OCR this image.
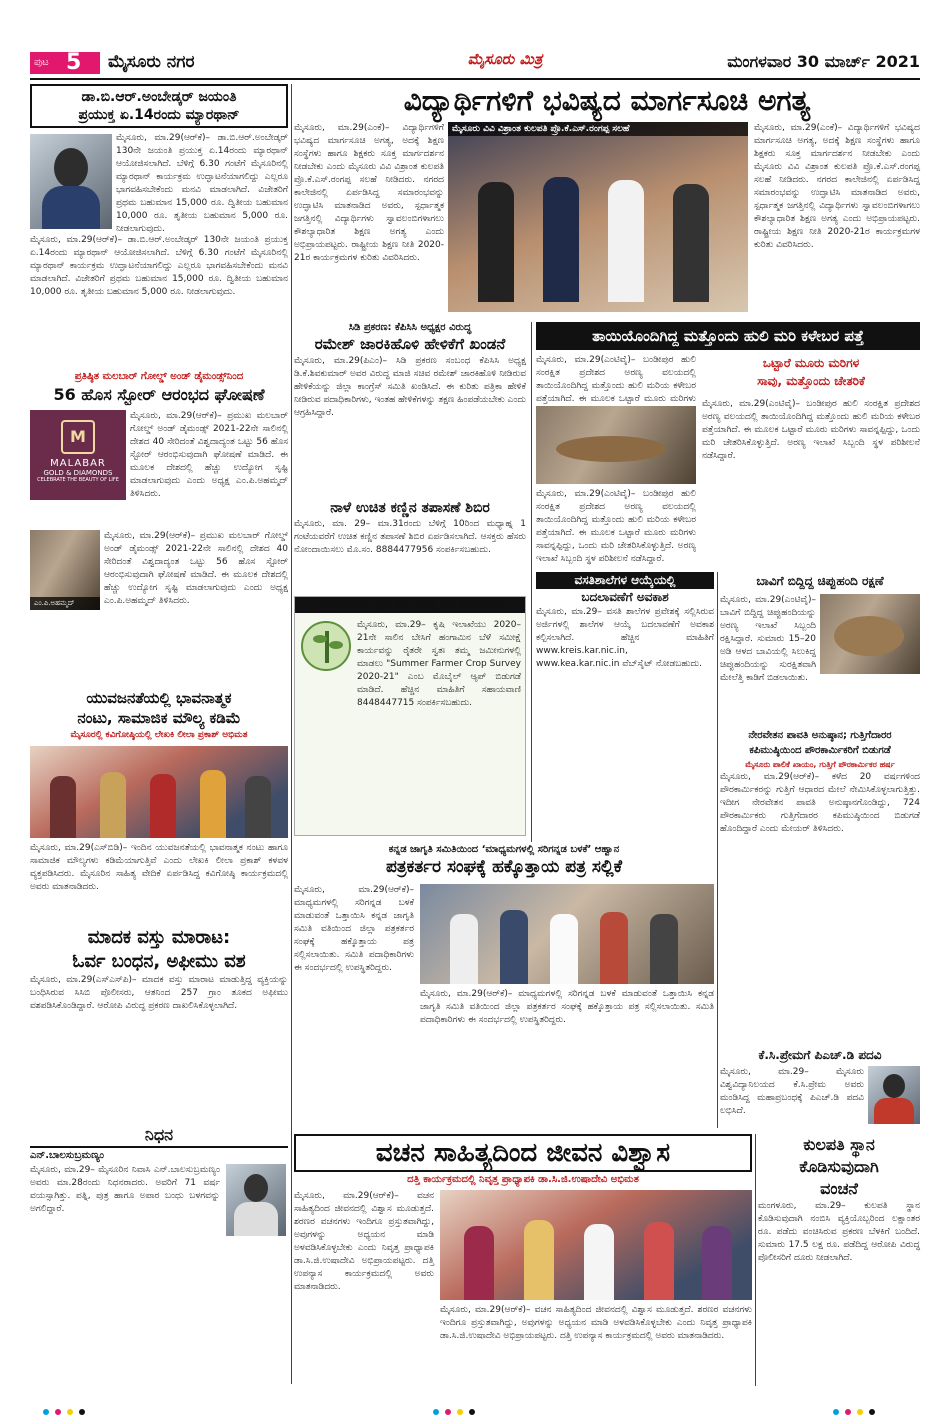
ಪುಟ 5 ಮೈಸೂರು ನಗರ	ಮೈಸೂರು ಮಿತ್ರ	ಮಂಗಳವಾರ 30 ಮಾರ್ಚ್ 2021
ಡಾ.ಬಿ.ಆರ್.ಅಂಬೇಡ್ಕರ್ ಜಯಂತಿ
ಪ್ರಯುಕ್ತ ಏ.14ರಂದು ಮ್ಯಾರಥಾನ್
ಮೈಸೂರು, ಮಾ.29(ಆರ್‌ಕೆ)– ಡಾ.ಬಿ.ಆರ್.ಅಂಬೇಡ್ಕರ್ 130ನೇ ಜಯಂತಿ ಪ್ರಯುಕ್ತ ಏ.14ರಂದು ಮ್ಯಾರಥಾನ್ ಆಯೋಜಿಸಲಾಗಿದೆ. ಬೆಳಿಗ್ಗೆ 6.30 ಗಂಟೆಗೆ ಮೈಸೂರಿನಲ್ಲಿ ಮ್ಯಾರಥಾನ್ ಕಾರ್ಯಕ್ರಮ ಉದ್ಘಾಟನೆಯಾಗಲಿದ್ದು ಎಲ್ಲರೂ ಭಾಗವಹಿಸಬೇಕೆಂದು ಮನವಿ ಮಾಡಲಾಗಿದೆ. ವಿಜೇತರಿಗೆ ಪ್ರಥಮ ಬಹುಮಾನ 15,000 ರೂ. ದ್ವಿತೀಯ ಬಹುಮಾನ 10,000 ರೂ. ತೃತೀಯ ಬಹುಮಾನ 5,000 ರೂ. ನೀಡಲಾಗುವುದು.
ಮೈಸೂರು, ಮಾ.29(ಆರ್‌ಕೆ)– ಡಾ.ಬಿ.ಆರ್.ಅಂಬೇಡ್ಕರ್ 130ನೇ ಜಯಂತಿ ಪ್ರಯುಕ್ತ ಏ.14ರಂದು ಮ್ಯಾರಥಾನ್ ಆಯೋಜಿಸಲಾಗಿದೆ. ಬೆಳಿಗ್ಗೆ 6.30 ಗಂಟೆಗೆ ಮೈಸೂರಿನಲ್ಲಿ ಮ್ಯಾರಥಾನ್ ಕಾರ್ಯಕ್ರಮ ಉದ್ಘಾಟನೆಯಾಗಲಿದ್ದು ಎಲ್ಲರೂ ಭಾಗವಹಿಸಬೇಕೆಂದು ಮನವಿ ಮಾಡಲಾಗಿದೆ. ವಿಜೇತರಿಗೆ ಪ್ರಥಮ ಬಹುಮಾನ 15,000 ರೂ. ದ್ವಿತೀಯ ಬಹುಮಾನ 10,000 ರೂ. ತೃತೀಯ ಬಹುಮಾನ 5,000 ರೂ. ನೀಡಲಾಗುವುದು.
ವಿದ್ಯಾರ್ಥಿಗಳಿಗೆ ಭವಿಷ್ಯದ ಮಾರ್ಗಸೂಚಿ ಅಗತ್ಯ
ಮೈಸೂರು, ಮಾ.29(ಎಂಕೆ)– ವಿದ್ಯಾರ್ಥಿಗಳಿಗೆ ಭವಿಷ್ಯದ ಮಾರ್ಗಸೂಚಿ ಅಗತ್ಯ, ಅದಕ್ಕೆ ಶಿಕ್ಷಣ ಸಂಸ್ಥೆಗಳು ಹಾಗೂ ಶಿಕ್ಷಕರು ಸೂಕ್ತ ಮಾರ್ಗದರ್ಶನ ನೀಡಬೇಕು ಎಂದು ಮೈಸೂರು ವಿವಿ ವಿಶ್ರಾಂತ ಕುಲಪತಿ ಪ್ರೊ.ಕೆ.ಎಸ್.ರಂಗಪ್ಪ ಸಲಹೆ ನೀಡಿದರು. ನಗರದ ಕಾಲೇಜಿನಲ್ಲಿ ಏರ್ಪಡಿಸಿದ್ದ ಸಮಾರಂಭವನ್ನು ಉದ್ಘಾಟಿಸಿ ಮಾತನಾಡಿದ ಅವರು, ಸ್ಪರ್ಧಾತ್ಮಕ ಜಗತ್ತಿನಲ್ಲಿ ವಿದ್ಯಾರ್ಥಿಗಳು ಸ್ವಾವಲಂಬಿಗಳಾಗಲು ಕೌಶಲ್ಯಾಧಾರಿತ ಶಿಕ್ಷಣ ಅಗತ್ಯ ಎಂದು ಅಭಿಪ್ರಾಯಪಟ್ಟರು. ರಾಷ್ಟ್ರೀಯ ಶಿಕ್ಷಣ ನೀತಿ 2020-21ರ ಕಾರ್ಯಕ್ರಮಗಳ ಕುರಿತು ವಿವರಿಸಿದರು.
ಮೈಸೂರು ವಿವಿ ವಿಶ್ರಾಂತ ಕುಲಪತಿ ಪ್ರೊ.ಕೆ.ಎಸ್.ರಂಗಪ್ಪ ಸಲಹೆ	ಮೈಸೂರು, ಮಾ.29(ಎಂಕೆ)– ವಿದ್ಯಾರ್ಥಿಗಳಿಗೆ ಭವಿಷ್ಯದ ಮಾರ್ಗಸೂಚಿ ಅಗತ್ಯ, ಅದಕ್ಕೆ ಶಿಕ್ಷಣ ಸಂಸ್ಥೆಗಳು ಹಾಗೂ ಶಿಕ್ಷಕರು ಸೂಕ್ತ ಮಾರ್ಗದರ್ಶನ ನೀಡಬೇಕು ಎಂದು ಮೈಸೂರು ವಿವಿ ವಿಶ್ರಾಂತ ಕುಲಪತಿ ಪ್ರೊ.ಕೆ.ಎಸ್.ರಂಗಪ್ಪ ಸಲಹೆ ನೀಡಿದರು. ನಗರದ ಕಾಲೇಜಿನಲ್ಲಿ ಏರ್ಪಡಿಸಿದ್ದ ಸಮಾರಂಭವನ್ನು ಉದ್ಘಾಟಿಸಿ ಮಾತನಾಡಿದ ಅವರು, ಸ್ಪರ್ಧಾತ್ಮಕ ಜಗತ್ತಿನಲ್ಲಿ ವಿದ್ಯಾರ್ಥಿಗಳು ಸ್ವಾವಲಂಬಿಗಳಾಗಲು ಕೌಶಲ್ಯಾಧಾರಿತ ಶಿಕ್ಷಣ ಅಗತ್ಯ ಎಂದು ಅಭಿಪ್ರಾಯಪಟ್ಟರು. ರಾಷ್ಟ್ರೀಯ ಶಿಕ್ಷಣ ನೀತಿ 2020-21ರ ಕಾರ್ಯಕ್ರಮಗಳ ಕುರಿತು ವಿವರಿಸಿದರು.
ಪ್ರತಿಷ್ಠಿತ ಮಲಬಾರ್ ಗೋಲ್ಡ್ ಅಂಡ್ ಡೈಮಂಡ್ಸ್‌ನಿಂದ
56 ಹೊಸ ಸ್ಟೋರ್ ಆರಂಭದ ಘೋಷಣೆ
M
MALABAR
GOLD & DIAMONDS
CELEBRATE THE BEAUTY OF LIFE
ಮೈಸೂರು, ಮಾ.29(ಆರ್‌ಕೆ)– ಪ್ರಮುಖ ಮಲಬಾರ್ ಗೋಲ್ಡ್ ಅಂಡ್ ಡೈಮಂಡ್ಸ್ 2021-22ನೇ ಸಾಲಿನಲ್ಲಿ ದೇಶದ 40 ಸೇರಿದಂತೆ ವಿಶ್ವದಾದ್ಯಂತ ಒಟ್ಟು 56 ಹೊಸ ಸ್ಟೋರ್ ಆರಂಭಿಸುವುದಾಗಿ ಘೋಷಣೆ ಮಾಡಿದೆ. ಈ ಮೂಲಕ ದೇಶದಲ್ಲಿ ಹೆಚ್ಚು ಉದ್ಯೋಗ ಸೃಷ್ಟಿ ಮಾಡಲಾಗುವುದು ಎಂದು ಅಧ್ಯಕ್ಷ ಎಂ.ಪಿ.ಅಹಮ್ಮದ್ ತಿಳಿಸಿದರು.
ಎಂ.ಪಿ.ಅಹಮ್ಮದ್
ಮೈಸೂರು, ಮಾ.29(ಆರ್‌ಕೆ)– ಪ್ರಮುಖ ಮಲಬಾರ್ ಗೋಲ್ಡ್ ಅಂಡ್ ಡೈಮಂಡ್ಸ್ 2021-22ನೇ ಸಾಲಿನಲ್ಲಿ ದೇಶದ 40 ಸೇರಿದಂತೆ ವಿಶ್ವದಾದ್ಯಂತ ಒಟ್ಟು 56 ಹೊಸ ಸ್ಟೋರ್ ಆರಂಭಿಸುವುದಾಗಿ ಘೋಷಣೆ ಮಾಡಿದೆ. ಈ ಮೂಲಕ ದೇಶದಲ್ಲಿ ಹೆಚ್ಚು ಉದ್ಯೋಗ ಸೃಷ್ಟಿ ಮಾಡಲಾಗುವುದು ಎಂದು ಅಧ್ಯಕ್ಷ ಎಂ.ಪಿ.ಅಹಮ್ಮದ್ ತಿಳಿಸಿದರು.
ಸಿಡಿ ಪ್ರಕರಣ: ಕೆಪಿಸಿಸಿ ಅಧ್ಯಕ್ಷರ ವಿರುದ್ಧ
ರಮೇಶ್ ಜಾರಕಿಹೊಳಿ ಹೇಳಿಕೆಗೆ ಖಂಡನೆ
ಮೈಸೂರು, ಮಾ.29(ಪಿಎಂ)– ಸಿಡಿ ಪ್ರಕರಣ ಸಂಬಂಧ ಕೆಪಿಸಿಸಿ ಅಧ್ಯಕ್ಷ ಡಿ.ಕೆ.ಶಿವಕುಮಾರ್ ಅವರ ವಿರುದ್ಧ ಮಾಜಿ ಸಚಿವ ರಮೇಶ್ ಜಾರಕಿಹೊಳಿ ನೀಡಿರುವ ಹೇಳಿಕೆಯನ್ನು ಜಿಲ್ಲಾ ಕಾಂಗ್ರೆಸ್ ಸಮಿತಿ ಖಂಡಿಸಿದೆ. ಈ ಕುರಿತು ಪತ್ರಿಕಾ ಹೇಳಿಕೆ ನೀಡಿರುವ ಪದಾಧಿಕಾರಿಗಳು, ಇಂತಹ ಹೇಳಿಕೆಗಳನ್ನು ತಕ್ಷಣ ಹಿಂಪಡೆಯಬೇಕು ಎಂದು ಆಗ್ರಹಿಸಿದ್ದಾರೆ.
ನಾಳೆ ಉಚಿತ ಕಣ್ಣಿನ ತಪಾಸಣೆ ಶಿಬಿರ
ಮೈಸೂರು, ಮಾ. 29– ಮಾ.31ರಂದು ಬೆಳಿಗ್ಗೆ 10ರಿಂದ ಮಧ್ಯಾಹ್ನ 1 ಗಂಟೆಯವರೆಗೆ ಉಚಿತ ಕಣ್ಣಿನ ತಪಾಸಣೆ ಶಿಬಿರ ಏರ್ಪಡಿಸಲಾಗಿದೆ. ಆಸಕ್ತರು ಹೆಸರು ನೋಂದಾಯಿಸಲು ಮೊ.ಸಂ. 8884477956 ಸಂಪರ್ಕಿಸಬಹುದು.
ಬೆಳೆಗೆ ಹಂಗಾಮು ರೈತರ ಬೆಳೆ ಸಮೀಕ್ಷೆ ಆಪ್ ಡೌನ್‌ಲೋಡ್
ಮೈಸೂರು, ಮಾ.29– ಕೃಷಿ ಇಲಾಖೆಯು 2020–21ನೇ ಸಾಲಿನ ಬೇಸಿಗೆ ಹಂಗಾಮಿನ ಬೆಳೆ ಸಮೀಕ್ಷೆ ಕಾರ್ಯವನ್ನು ರೈತರೇ ಸ್ವತಃ ತಮ್ಮ ಜಮೀನುಗಳಲ್ಲಿ ಮಾಡಲು "Summer Farmer Crop Survey 2020-21" ಎಂಬ ಮೊಬೈಲ್ ಆ್ಯಪ್ ಬಿಡುಗಡೆ ಮಾಡಿದೆ. ಹೆಚ್ಚಿನ ಮಾಹಿತಿಗೆ ಸಹಾಯವಾಣಿ 8448447715 ಸಂಪರ್ಕಿಸಬಹುದು.
ಯುವಜನತೆಯಲ್ಲಿ ಭಾವನಾತ್ಮಕ
ನಂಟು, ಸಾಮಾಜಿಕ ಮೌಲ್ಯ ಕಡಿಮೆ
ಮೈಸೂರಲ್ಲಿ ಕವಿಗೋಷ್ಠಿಯಲ್ಲಿ ಲೇಖಕಿ ಲೀಲಾ ಪ್ರಕಾಶ್ ಅಭಿಮತ
ಮೈಸೂರು, ಮಾ.29(ಎಸ್‌ಬಿಡಿ)– ಇಂದಿನ ಯುವಜನತೆಯಲ್ಲಿ ಭಾವನಾತ್ಮಕ ನಂಟು ಹಾಗೂ ಸಾಮಾಜಿಕ ಮೌಲ್ಯಗಳು ಕಡಿಮೆಯಾಗುತ್ತಿವೆ ಎಂದು ಲೇಖಕಿ ಲೀಲಾ ಪ್ರಕಾಶ್ ಕಳವಳ ವ್ಯಕ್ತಪಡಿಸಿದರು. ಮೈಸೂರಿನ ಸಾಹಿತ್ಯ ವೇದಿಕೆ ಏರ್ಪಡಿಸಿದ್ದ ಕವಿಗೋಷ್ಠಿ ಕಾರ್ಯಕ್ರಮದಲ್ಲಿ ಅವರು ಮಾತನಾಡಿದರು.
ಮಾದಕ ವಸ್ತು ಮಾರಾಟ:
ಓರ್ವ ಬಂಧನ, ಅಫೀಮು ವಶ
ಮೈಸೂರು, ಮಾ.29(ಎಸ್‌ಎಸ್‌ಪಿ)– ಮಾದಕ ವಸ್ತು ಮಾರಾಟ ಮಾಡುತ್ತಿದ್ದ ವ್ಯಕ್ತಿಯನ್ನು ಬಂಧಿಸಿರುವ ಸಿಸಿಬಿ ಪೊಲೀಸರು, ಆತನಿಂದ 257 ಗ್ರಾಂ ತೂಕದ ಅಫೀಮು ವಶಪಡಿಸಿಕೊಂಡಿದ್ದಾರೆ. ಆರೋಪಿ ವಿರುದ್ಧ ಪ್ರಕರಣ ದಾಖಲಿಸಿಕೊಳ್ಳಲಾಗಿದೆ.
ನಿಧನ
ಎನ್.ಬಾಲಸುಬ್ರಮಣ್ಯಂ
ಮೈಸೂರು, ಮಾ.29– ಮೈಸೂರಿನ ನಿವಾಸಿ ಎನ್.ಬಾಲಸುಬ್ರಮಣ್ಯಂ ಅವರು ಮಾ.28ರಂದು ನಿಧನರಾದರು. ಅವರಿಗೆ 71 ವರ್ಷ ವಯಸ್ಸಾಗಿತ್ತು. ಪತ್ನಿ, ಪುತ್ರ ಹಾಗೂ ಅಪಾರ ಬಂಧು ಬಳಗವನ್ನು ಅಗಲಿದ್ದಾರೆ.
ತಾಯಿಯೊಂದಿಗಿದ್ದ ಮತ್ತೊಂದು ಹುಲಿ ಮರಿ ಕಳೇಬರ ಪತ್ತೆ
ಮೈಸೂರು, ಮಾ.29(ಎಂಟಿವೈ)– ಬಂಡೀಪುರ ಹುಲಿ ಸಂರಕ್ಷಿತ ಪ್ರದೇಶದ ಅರಣ್ಯ ವಲಯದಲ್ಲಿ ತಾಯಿಯೊಂದಿಗಿದ್ದ ಮತ್ತೊಂದು ಹುಲಿ ಮರಿಯ ಕಳೇಬರ ಪತ್ತೆಯಾಗಿದೆ. ಈ ಮೂಲಕ ಒಟ್ಟಾರೆ ಮೂರು ಮರಿಗಳು
ಮೈಸೂರು, ಮಾ.29(ಎಂಟಿವೈ)– ಬಂಡೀಪುರ ಹುಲಿ ಸಂರಕ್ಷಿತ ಪ್ರದೇಶದ ಅರಣ್ಯ ವಲಯದಲ್ಲಿ ತಾಯಿಯೊಂದಿಗಿದ್ದ ಮತ್ತೊಂದು ಹುಲಿ ಮರಿಯ ಕಳೇಬರ ಪತ್ತೆಯಾಗಿದೆ. ಈ ಮೂಲಕ ಒಟ್ಟಾರೆ ಮೂರು ಮರಿಗಳು ಸಾವನ್ನಪ್ಪಿದ್ದು, ಒಂದು ಮರಿ ಚೇತರಿಸಿಕೊಳ್ಳುತ್ತಿದೆ. ಅರಣ್ಯ ಇಲಾಖೆ ಸಿಬ್ಬಂದಿ ಸ್ಥಳ ಪರಿಶೀಲನೆ ನಡೆಸಿದ್ದಾರೆ.
ಒಟ್ಟಾರೆ ಮೂರು ಮರಿಗಳ
ಸಾವು, ಮತ್ತೊಂದು ಚೇತರಿಕೆ
ಮೈಸೂರು, ಮಾ.29(ಎಂಟಿವೈ)– ಬಂಡೀಪುರ ಹುಲಿ ಸಂರಕ್ಷಿತ ಪ್ರದೇಶದ ಅರಣ್ಯ ವಲಯದಲ್ಲಿ ತಾಯಿಯೊಂದಿಗಿದ್ದ ಮತ್ತೊಂದು ಹುಲಿ ಮರಿಯ ಕಳೇಬರ ಪತ್ತೆಯಾಗಿದೆ. ಈ ಮೂಲಕ ಒಟ್ಟಾರೆ ಮೂರು ಮರಿಗಳು ಸಾವನ್ನಪ್ಪಿದ್ದು, ಒಂದು ಮರಿ ಚೇತರಿಸಿಕೊಳ್ಳುತ್ತಿದೆ. ಅರಣ್ಯ ಇಲಾಖೆ ಸಿಬ್ಬಂದಿ ಸ್ಥಳ ಪರಿಶೀಲನೆ ನಡೆಸಿದ್ದಾರೆ.
ವಸತಿಶಾಲೆಗಳ ಆಯ್ಕೆಯಲ್ಲಿ
ಬದಲಾವಣೆಗೆ ಅವಕಾಶ
ಮೈಸೂರು, ಮಾ.29– ವಸತಿ ಶಾಲೆಗಳ ಪ್ರವೇಶಕ್ಕೆ ಸಲ್ಲಿಸಿರುವ ಅರ್ಜಿಗಳಲ್ಲಿ ಶಾಲೆಗಳ ಆಯ್ಕೆ ಬದಲಾವಣೆಗೆ ಅವಕಾಶ ಕಲ್ಪಿಸಲಾಗಿದೆ. ಹೆಚ್ಚಿನ ಮಾಹಿತಿಗೆ www.kreis.kar.nic.in, www.kea.kar.nic.in ವೆಬ್‌ಸೈಟ್ ನೋಡಬಹುದು.
ಬಾವಿಗೆ ಬಿದ್ದಿದ್ದ ಚಿಪ್ಪುಹಂದಿ ರಕ್ಷಣೆ
ಮೈಸೂರು, ಮಾ.29(ಎಂಟಿವೈ)– ಬಾವಿಗೆ ಬಿದ್ದಿದ್ದ ಚಿಪ್ಪುಹಂದಿಯನ್ನು ಅರಣ್ಯ ಇಲಾಖೆ ಸಿಬ್ಬಂದಿ ರಕ್ಷಿಸಿದ್ದಾರೆ. ಸುಮಾರು 15–20 ಅಡಿ ಆಳದ ಬಾವಿಯಲ್ಲಿ ಸಿಲುಕಿದ್ದ ಚಿಪ್ಪುಹಂದಿಯನ್ನು ಸುರಕ್ಷಿತವಾಗಿ ಮೇಲೆತ್ತಿ ಕಾಡಿಗೆ ಬಿಡಲಾಯಿತು.
ನೇರವೇತನ ಪಾವತಿ ಅನುಷ್ಠಾನ; ಗುತ್ತಿಗೆದಾರರ
ಕಪಿಮುಷ್ಠಿಯಿಂದ ಪೌರಕಾರ್ಮಿಕರಿಗೆ ಬಿಡುಗಡೆ
ಮೈಸೂರು ಪಾಲಿಕೆ ಖಾಯಂ, ಗುತ್ತಿಗೆ ಪೌರಕಾರ್ಮಿಕರ ಹರ್ಷ
ಮೈಸೂರು, ಮಾ.29(ಆರ್‌ಕೆ)– ಕಳೆದ 20 ವರ್ಷಗಳಿಂದ ಪೌರಕಾರ್ಮಿಕರನ್ನು ಗುತ್ತಿಗೆ ಆಧಾರದ ಮೇಲೆ ನೇಮಿಸಿಕೊಳ್ಳಲಾಗುತ್ತಿತ್ತು. ಇದೀಗ ನೇರವೇತನ ಪಾವತಿ ಅನುಷ್ಠಾನಗೊಂಡಿದ್ದು, 724 ಪೌರಕಾರ್ಮಿಕರು ಗುತ್ತಿಗೆದಾರರ ಕಪಿಮುಷ್ಠಿಯಿಂದ ಬಿಡುಗಡೆ ಹೊಂದಿದ್ದಾರೆ ಎಂದು ಮೇಯರ್ ತಿಳಿಸಿದರು.
ಕನ್ನಡ ಜಾಗೃತಿ ಸಮಿತಿಯಿಂದ ‘ಮಾಧ್ಯಮಗಳಲ್ಲಿ ಸರಿಗನ್ನಡ ಬಳಕೆ’ ಆಹ್ವಾನ
ಪತ್ರಕರ್ತರ ಸಂಘಕ್ಕೆ ಹಕ್ಕೊತ್ತಾಯ ಪತ್ರ ಸಲ್ಲಿಕೆ
ಮೈಸೂರು, ಮಾ.29(ಆರ್‌ಕೆ)– ಮಾಧ್ಯಮಗಳಲ್ಲಿ ಸರಿಗನ್ನಡ ಬಳಕೆ ಮಾಡುವಂತೆ ಒತ್ತಾಯಿಸಿ ಕನ್ನಡ ಜಾಗೃತಿ ಸಮಿತಿ ವತಿಯಿಂದ ಜಿಲ್ಲಾ ಪತ್ರಕರ್ತರ ಸಂಘಕ್ಕೆ ಹಕ್ಕೊತ್ತಾಯ ಪತ್ರ ಸಲ್ಲಿಸಲಾಯಿತು. ಸಮಿತಿ ಪದಾಧಿಕಾರಿಗಳು ಈ ಸಂದರ್ಭದಲ್ಲಿ ಉಪಸ್ಥಿತರಿದ್ದರು.
ಮೈಸೂರು, ಮಾ.29(ಆರ್‌ಕೆ)– ಮಾಧ್ಯಮಗಳಲ್ಲಿ ಸರಿಗನ್ನಡ ಬಳಕೆ ಮಾಡುವಂತೆ ಒತ್ತಾಯಿಸಿ ಕನ್ನಡ ಜಾಗೃತಿ ಸಮಿತಿ ವತಿಯಿಂದ ಜಿಲ್ಲಾ ಪತ್ರಕರ್ತರ ಸಂಘಕ್ಕೆ ಹಕ್ಕೊತ್ತಾಯ ಪತ್ರ ಸಲ್ಲಿಸಲಾಯಿತು. ಸಮಿತಿ ಪದಾಧಿಕಾರಿಗಳು ಈ ಸಂದರ್ಭದಲ್ಲಿ ಉಪಸ್ಥಿತರಿದ್ದರು.
ಕೆ.ಸಿ.ಪ್ರೇಮಗೆ ಪಿಎಚ್.ಡಿ ಪದವಿ
ಮೈಸೂರು, ಮಾ.29– ಮೈಸೂರು ವಿಶ್ವವಿದ್ಯಾನಿಲಯದ ಕೆ.ಸಿ.ಪ್ರೇಮ ಅವರು ಮಂಡಿಸಿದ್ದ ಮಹಾಪ್ರಬಂಧಕ್ಕೆ ಪಿಎಚ್.ಡಿ ಪದವಿ ಲಭಿಸಿದೆ.
ವಚನ ಸಾಹಿತ್ಯದಿಂದ ಜೀವನ ವಿಶ್ವಾಸ
ದತ್ತಿ ಕಾರ್ಯಕ್ರಮದಲ್ಲಿ ನಿವೃತ್ತ ಪ್ರಾಧ್ಯಾಪಕಿ ಡಾ.ಸಿ.ಜಿ.ಉಷಾದೇವಿ ಅಭಿಮತ
ಮೈಸೂರು, ಮಾ.29(ಆರ್‌ಕೆ)– ವಚನ ಸಾಹಿತ್ಯದಿಂದ ಜೀವನದಲ್ಲಿ ವಿಶ್ವಾಸ ಮೂಡುತ್ತದೆ. ಶರಣರ ವಚನಗಳು ಇಂದಿಗೂ ಪ್ರಸ್ತುತವಾಗಿದ್ದು, ಅವುಗಳನ್ನು ಅಧ್ಯಯನ ಮಾಡಿ ಅಳವಡಿಸಿಕೊಳ್ಳಬೇಕು ಎಂದು ನಿವೃತ್ತ ಪ್ರಾಧ್ಯಾಪಕಿ ಡಾ.ಸಿ.ಜಿ.ಉಷಾದೇವಿ ಅಭಿಪ್ರಾಯಪಟ್ಟರು. ದತ್ತಿ ಉಪನ್ಯಾಸ ಕಾರ್ಯಕ್ರಮದಲ್ಲಿ ಅವರು ಮಾತನಾಡಿದರು.
ಮೈಸೂರು, ಮಾ.29(ಆರ್‌ಕೆ)– ವಚನ ಸಾಹಿತ್ಯದಿಂದ ಜೀವನದಲ್ಲಿ ವಿಶ್ವಾಸ ಮೂಡುತ್ತದೆ. ಶರಣರ ವಚನಗಳು ಇಂದಿಗೂ ಪ್ರಸ್ತುತವಾಗಿದ್ದು, ಅವುಗಳನ್ನು ಅಧ್ಯಯನ ಮಾಡಿ ಅಳವಡಿಸಿಕೊಳ್ಳಬೇಕು ಎಂದು ನಿವೃತ್ತ ಪ್ರಾಧ್ಯಾಪಕಿ ಡಾ.ಸಿ.ಜಿ.ಉಷಾದೇವಿ ಅಭಿಪ್ರಾಯಪಟ್ಟರು. ದತ್ತಿ ಉಪನ್ಯಾಸ ಕಾರ್ಯಕ್ರಮದಲ್ಲಿ ಅವರು ಮಾತನಾಡಿದರು.
ಕುಲಪತಿ ಸ್ಥಾನ
ಕೊಡಿಸುವುದಾಗಿ
ವಂಚನೆ
ಮಂಗಳೂರು, ಮಾ.29– ಕುಲಪತಿ ಸ್ಥಾನ ಕೊಡಿಸುವುದಾಗಿ ನಂಬಿಸಿ ವ್ಯಕ್ತಿಯೊಬ್ಬರಿಂದ ಲಕ್ಷಾಂತರ ರೂ. ಪಡೆದು ವಂಚಿಸಿರುವ ಪ್ರಕರಣ ಬೆಳಕಿಗೆ ಬಂದಿದೆ. ಸುಮಾರು 17.5 ಲಕ್ಷ ರೂ. ಪಡೆದಿದ್ದ ಆರೋಪಿ ವಿರುದ್ಧ ಪೊಲೀಸರಿಗೆ ದೂರು ನೀಡಲಾಗಿದೆ.
